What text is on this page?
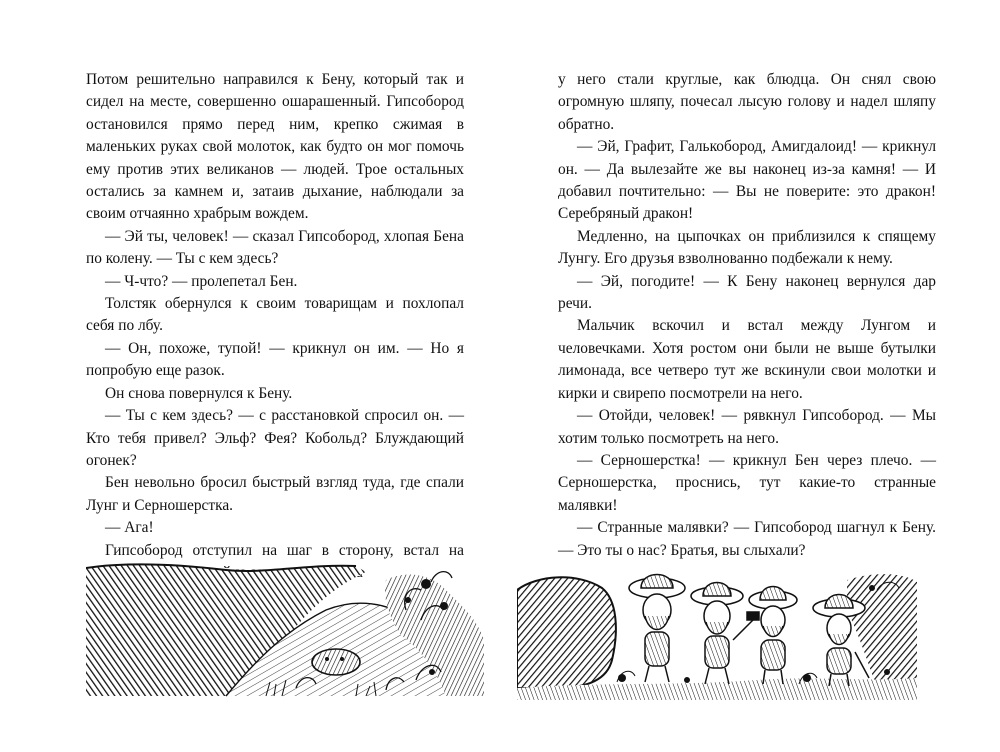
Потом решительно направился к Бену, который так и сидел на месте, совершенно ошарашенный. Гипсобород остановился прямо перед ним, крепко сжимая в маленьких руках свой молоток, как будто он мог помочь ему против этих великанов — людей. Трое остальных остались за камнем и, затаив дыхание, наблюдали за своим отчаянно храбрым вождем.

— Эй ты, человек! — сказал Гипсобород, хлопая Бена по колену. — Ты с кем здесь?

— Ч-что? — пролепетал Бен.

Толстяк обернулся к своим товарищам и похлопал себя по лбу.

— Он, похоже, тупой! — крикнул он им. — Но я попробую еще разок.

Он снова повернулся к Бену.

— Ты с кем здесь? — с расстановкой спросил он. — Кто тебя привел? Эльф? Фея? Кобольд? Блуждающий огонек?

Бен невольно бросил быстрый взгляд туда, где спали Лунг и Серношерстка.

— Ага!

Гипсобород отступил на шаг в сторону, встал на

у него стали круглые, как блюдца. Он снял свою огромную шляпу, почесал лысую голову и надел шляпу обратно.

— Эй, Графит, Галькобород, Амигдалоид! — крикнул он. — Да вылезайте же вы наконец из-за камня! — И добавил почтительно: — Вы не поверите: это дракон! Серебряный дракон!

Медленно, на цыпочках он приблизился к спящему Лунгу. Его друзья взволнованно подбежали к нему.

— Эй, погодите! — К Бену наконец вернулся дар речи.

Мальчик вскочил и встал между Лунгом и человечками. Хотя ростом они были не выше бутылки лимонада, все четверо тут же вскинули свои молотки и кирки и свирепо посмотрели на него.

— Отойди, человек! — рявкнул Гипсобород. — Мы хотим только посмотреть на него.

— Серношерстка! — крикнул Бен через плечо. — Серношерстка, проснись, тут какие-то странные малявки!

— Странные малявки? — Гипсобород шагнул к Бену. — Это ты о нас? Братья, вы слыхали?
